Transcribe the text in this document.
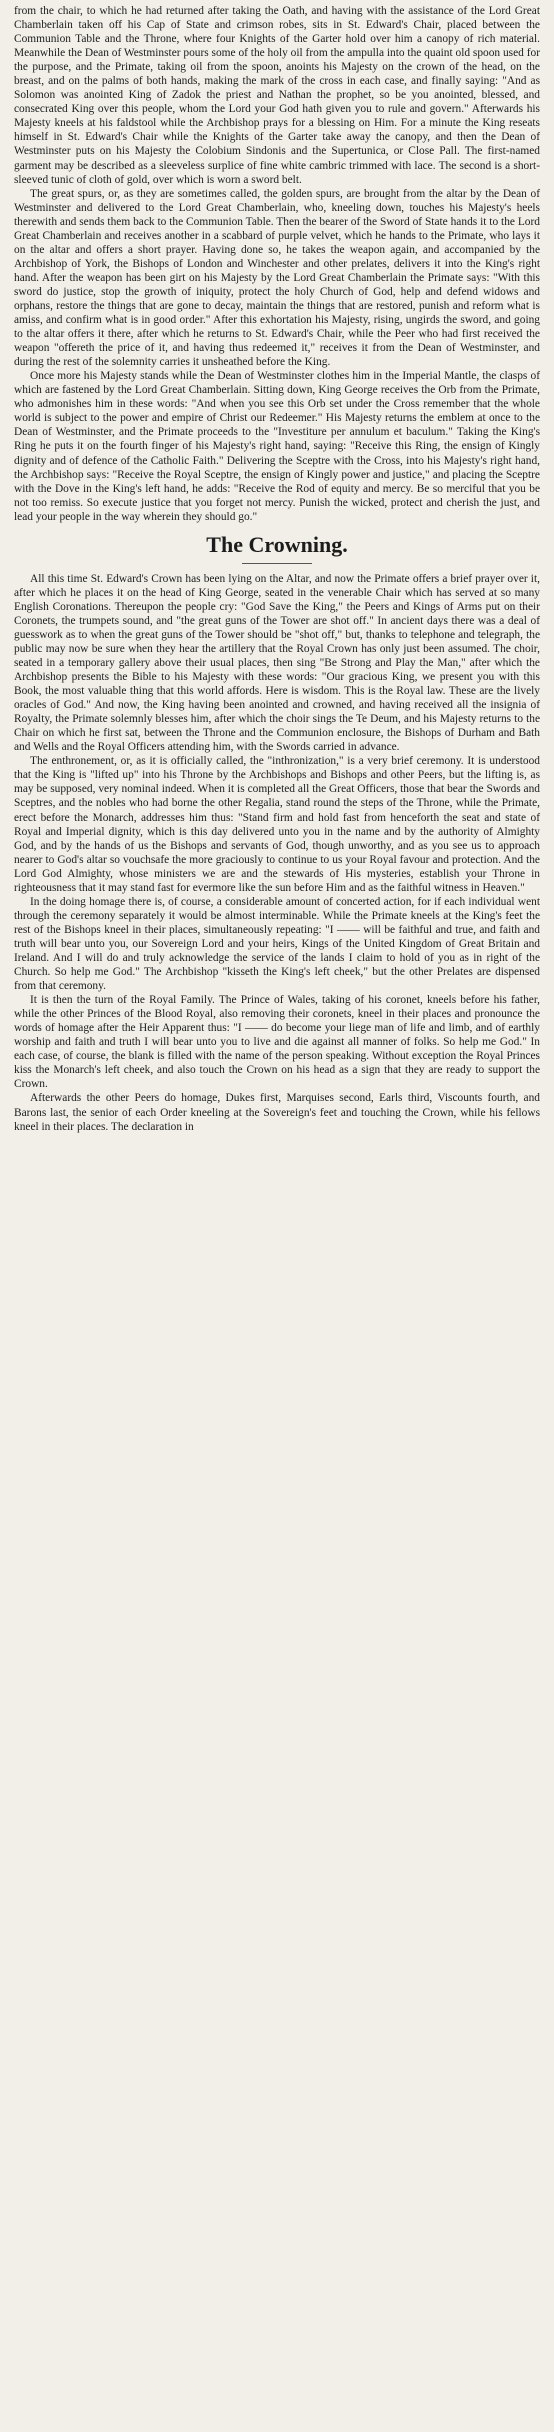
from the chair, to which he had returned after taking the Oath, and having with the assistance of the Lord Great Chamberlain taken off his Cap of State and crimson robes, sits in St. Edward's Chair, placed between the Communion Table and the Throne, where four Knights of the Garter hold over him a canopy of rich material. Meanwhile the Dean of Westminster pours some of the holy oil from the ampulla into the quaint old spoon used for the purpose, and the Primate, taking oil from the spoon, anoints his Majesty on the crown of the head, on the breast, and on the palms of both hands, making the mark of the cross in each case, and finally saying: "And as Solomon was anointed King of Zadok the priest and Nathan the prophet, so be you anointed, blessed, and consecrated King over this people, whom the Lord your God hath given you to rule and govern." Afterwards his Majesty kneels at his faldstool while the Archbishop prays for a blessing on Him. For a minute the King reseats himself in St. Edward's Chair while the Knights of the Garter take away the canopy, and then the Dean of Westminster puts on his Majesty the Colobium Sindonis and the Supertunica, or Close Pall. The first-named garment may be described as a sleeveless surplice of fine white cambric trimmed with lace. The second is a short-sleeved tunic of cloth of gold, over which is worn a sword belt.

The great spurs, or, as they are sometimes called, the golden spurs, are brought from the altar by the Dean of Westminster and delivered to the Lord Great Chamberlain, who, kneeling down, touches his Majesty's heels therewith and sends them back to the Communion Table. Then the bearer of the Sword of State hands it to the Lord Great Chamberlain and receives another in a scabbard of purple velvet, which he hands to the Primate, who lays it on the altar and offers a short prayer. Having done so, he takes the weapon again, and accompanied by the Archbishop of York, the Bishops of London and Winchester and other prelates, delivers it into the King's right hand. After the weapon has been girt on his Majesty by the Lord Great Chamberlain the Primate says: "With this sword do justice, stop the growth of iniquity, protect the holy Church of God, help and defend widows and orphans, restore the things that are gone to decay, maintain the things that are restored, punish and reform what is amiss, and confirm what is in good order." After this exhortation his Majesty, rising, ungirds the sword, and going to the altar offers it there, after which he returns to St. Edward's Chair, while the Peer who had first received the weapon "offereth the price of it, and having thus redeemed it," receives it from the Dean of Westminster, and during the rest of the solemnity carries it unsheathed before the King.

Once more his Majesty stands while the Dean of Westminster clothes him in the Imperial Mantle, the clasps of which are fastened by the Lord Great Chamberlain. Sitting down, King George receives the Orb from the Primate, who admonishes him in these words: "And when you see this Orb set under the Cross remember that the whole world is subject to the power and empire of Christ our Redeemer." His Majesty returns the emblem at once to the Dean of Westminster, and the Primate proceeds to the "Investiture per annulum et baculum." Taking the King's Ring he puts it on the fourth finger of his Majesty's right hand, saying: "Receive this Ring, the ensign of Kingly dignity and of defence of the Catholic Faith." Delivering the Sceptre with the Cross, into his Majesty's right hand, the Archbishop says: "Receive the Royal Sceptre, the ensign of Kingly power and justice," and placing the Sceptre with the Dove in the King's left hand, he adds: "Receive the Rod of equity and mercy. Be so merciful that you be not too remiss. So execute justice that you forget not mercy. Punish the wicked, protect and cherish the just, and lead your people in the way wherein they should go."

The Crowning.

All this time St. Edward's Crown has been lying on the Altar, and now the Primate offers a brief prayer over it, after which he places it on the head of King George, seated in the venerable Chair which has served at so many English Coronations. Thereupon the people cry: "God Save the King," the Peers and Kings of Arms put on their Coronets, the trumpets sound, and "the great guns of the Tower are shot off." In ancient days there was a deal of guesswork as to when the great guns of the Tower should be "shot off," but, thanks to telephone and telegraph, the public may now be sure when they hear the artillery that the Royal Crown has only just been assumed. The choir, seated in a temporary gallery above their usual places, then sing "Be Strong and Play the Man," after which the Archbishop presents the Bible to his Majesty with these words: "Our gracious King, we present you with this Book, the most valuable thing that this world affords. Here is wisdom. This is the Royal law. These are the lively oracles of God." And now, the King having been anointed and crowned, and having received all the insignia of Royalty, the Primate solemnly blesses him, after which the choir sings the Te Deum, and his Majesty returns to the Chair on which he first sat, between the Throne and the Communion enclosure, the Bishops of Durham and Bath and Wells and the Royal Officers attending him, with the Swords carried in advance.

The enthronement, or, as it is officially called, the "inthronization," is a very brief ceremony. It is understood that the King is "lifted up" into his Throne by the Archbishops and Bishops and other Peers, but the lifting is, as may be supposed, very nominal indeed. When it is completed all the Great Officers, those that bear the Swords and Sceptres, and the nobles who had borne the other Regalia, stand round the steps of the Throne, while the Primate, erect before the Monarch, addresses him thus: "Stand firm and hold fast from henceforth the seat and state of Royal and Imperial dignity, which is this day delivered unto you in the name and by the authority of Almighty God, and by the hands of us the Bishops and servants of God, though unworthy, and as you see us to approach nearer to God's altar so vouchsafe the more graciously to continue to us your Royal favour and protection. And the Lord God Almighty, whose ministers we are and the stewards of His mysteries, establish your Throne in righteousness that it may stand fast for evermore like the sun before Him and as the faithful witness in Heaven."

In the doing homage there is, of course, a considerable amount of concerted action, for if each individual went through the ceremony separately it would be almost interminable. While the Primate kneels at the King's feet the rest of the Bishops kneel in their places, simultaneously repeating: "I —— will be faithful and true, and faith and truth will bear unto you, our Sovereign Lord and your heirs, Kings of the United Kingdom of Great Britain and Ireland. And I will do and truly acknowledge the service of the lands I claim to hold of you as in right of the Church. So help me God." The Archbishop "kisseth the King's left cheek," but the other Prelates are dispensed from that ceremony.

It is then the turn of the Royal Family. The Prince of Wales, taking of his coronet, kneels before his father, while the other Princes of the Blood Royal, also removing their coronets, kneel in their places and pronounce the words of homage after the Heir Apparent thus: "I —— do become your liege man of life and limb, and of earthly worship and faith and truth I will bear unto you to live and die against all manner of folks. So help me God." In each case, of course, the blank is filled with the name of the person speaking. Without exception the Royal Princes kiss the Monarch's left cheek, and also touch the Crown on his head as a sign that they are ready to support the Crown.

Afterwards the other Peers do homage, Dukes first, Marquises second, Earls third, Viscounts fourth, and Barons last, the senior of each Order kneeling at the Sovereign's feet and touching the Crown, while his fellows kneel in their places. The declaration in
